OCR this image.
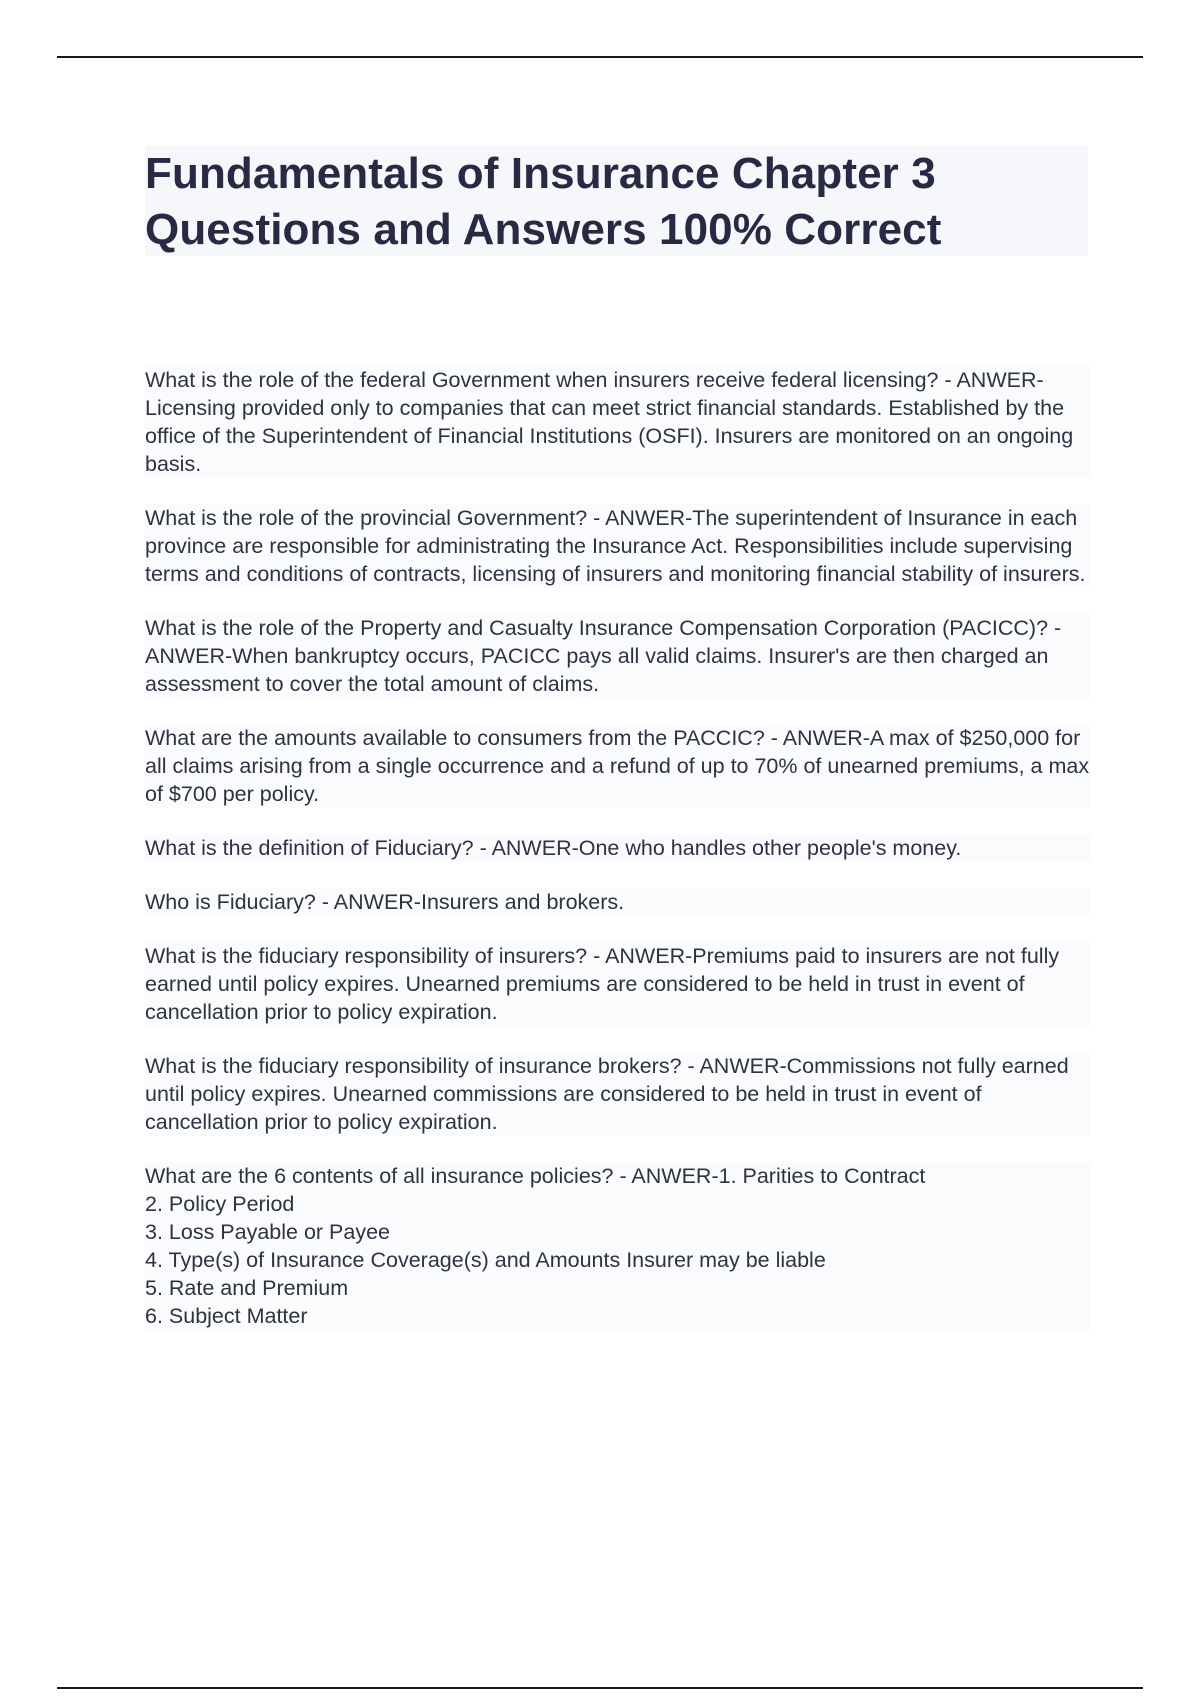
Fundamentals of Insurance Chapter 3 Questions and Answers 100% Correct

What is the role of the federal Government when insurers receive federal licensing? - ANWER-Licensing provided only to companies that can meet strict financial standards. Established by the office of the Superintendent of Financial Institutions (OSFI). Insurers are monitored on an ongoing basis.

What is the role of the provincial Government? - ANWER-The superintendent of Insurance in each province are responsible for administrating the Insurance Act. Responsibilities include supervising terms and conditions of contracts, licensing of insurers and monitoring financial stability of insurers.

What is the role of the Property and Casualty Insurance Compensation Corporation (PACICC)? - ANWER-When bankruptcy occurs, PACICC pays all valid claims. Insurer's are then charged an assessment to cover the total amount of claims.

What are the amounts available to consumers from the PACCIC? - ANWER-A max of $250,000 for all claims arising from a single occurrence and a refund of up to 70% of unearned premiums, a max of $700 per policy.

What is the definition of Fiduciary? - ANWER-One who handles other people's money.

Who is Fiduciary? - ANWER-Insurers and brokers.

What is the fiduciary responsibility of insurers? - ANWER-Premiums paid to insurers are not fully earned until policy expires. Unearned premiums are considered to be held in trust in event of cancellation prior to policy expiration.

What is the fiduciary responsibility of insurance brokers? - ANWER-Commissions not fully earned until policy expires. Unearned commissions are considered to be held in trust in event of cancellation prior to policy expiration.

What are the 6 contents of all insurance policies? - ANWER-1. Parities to Contract
2. Policy Period
3. Loss Payable or Payee
4. Type(s) of Insurance Coverage(s) and Amounts Insurer may be liable
5. Rate and Premium
6. Subject Matter
